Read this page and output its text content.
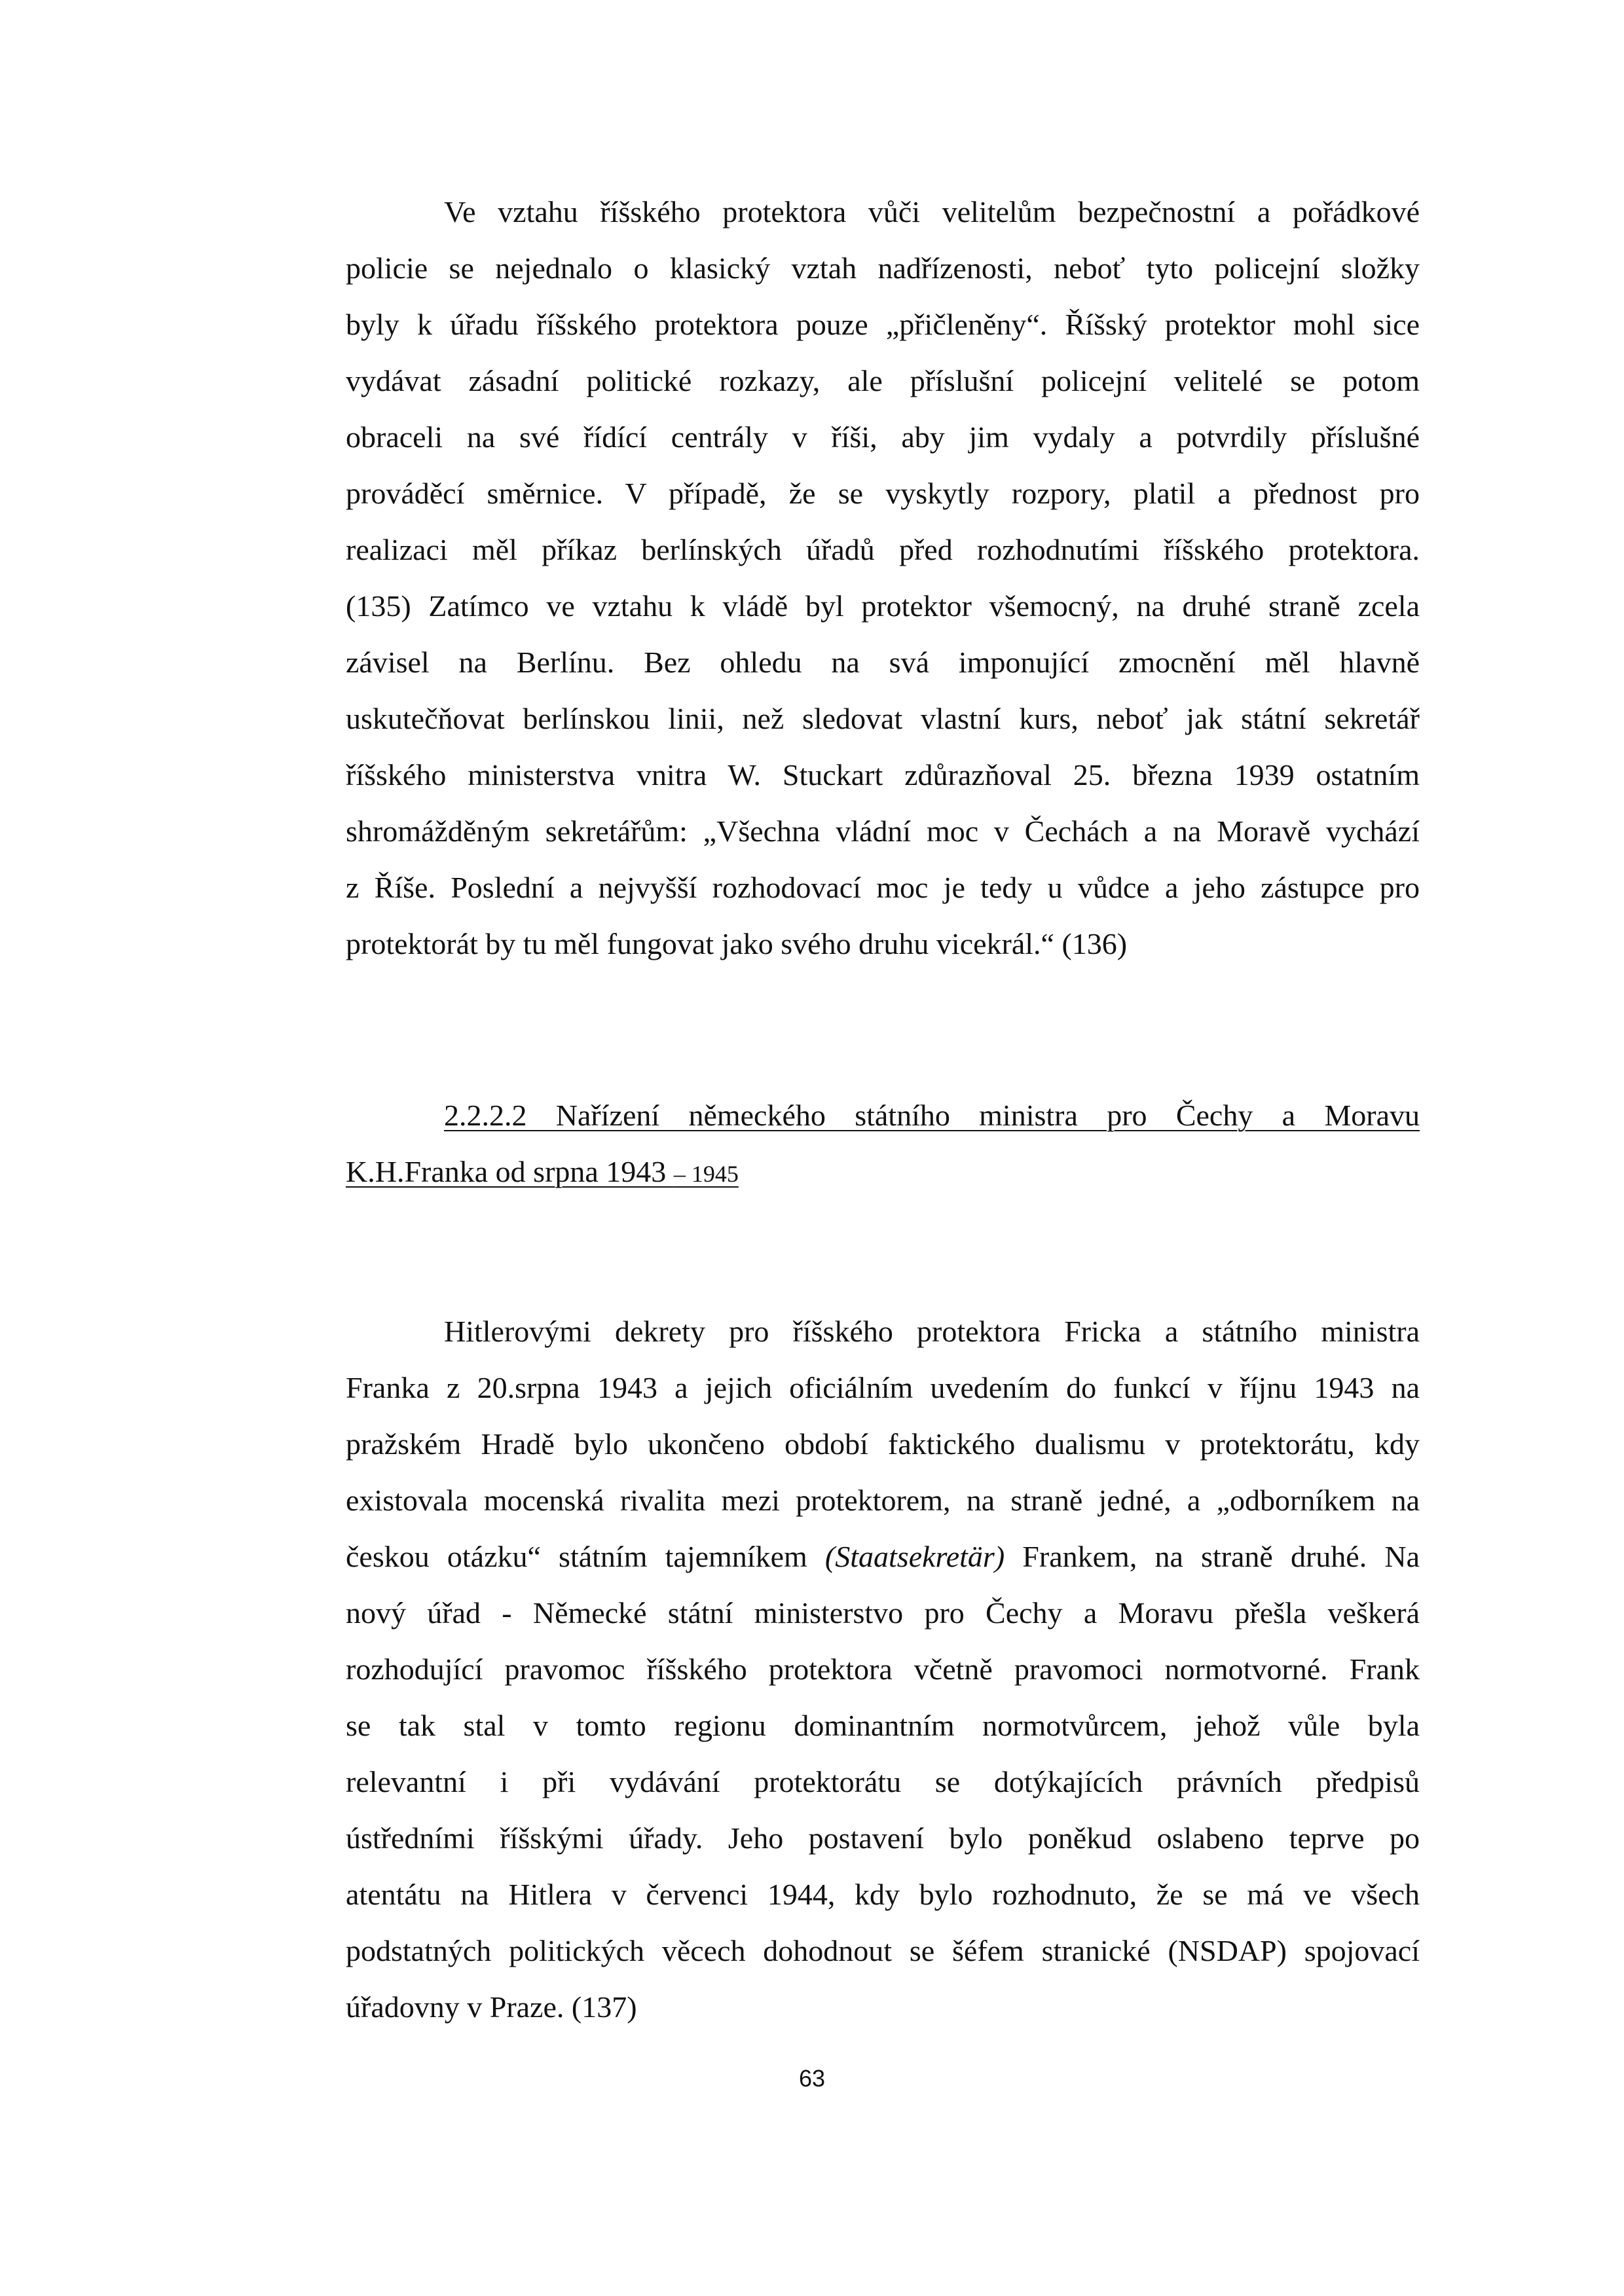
Ve vztahu říšského protektora vůči velitelům bezpečnostní a pořádkové
policie se nejednalo o klasický vztah nadřízenosti, neboť tyto policejní složky
byly k úřadu říšského protektora pouze „přičleněny“. Říšský protektor mohl sice
vydávat zásadní politické rozkazy, ale příslušní policejní velitelé se potom
obraceli na své řídící centrály v říši, aby jim vydaly a potvrdily příslušné
prováděcí směrnice. V případě, že se vyskytly rozpory, platil a přednost pro
realizaci měl příkaz berlínských úřadů před rozhodnutími říšského protektora.
(135) Zatímco ve vztahu k vládě byl protektor všemocný, na druhé straně zcela
závisel na Berlínu. Bez ohledu na svá imponující zmocnění měl hlavně
uskutečňovat berlínskou linii, než sledovat vlastní kurs, neboť jak státní sekretář
říšského ministerstva vnitra W. Stuckart zdůrazňoval 25. března 1939 ostatním
shromážděným sekretářům: „Všechna vládní moc v Čechách a na Moravě vychází
z Říše. Poslední a nejvyšší rozhodovací moc je tedy u vůdce a jeho zástupce pro
protektorát by tu měl fungovat jako svého druhu vicekrál.“ (136)
2.2.2.2 Nařízení německého státního ministra pro Čechy a Moravu
K.H.Franka od srpna 1943 – 1945
Hitlerovými dekrety pro říšského protektora Fricka a státního ministra
Franka z 20.srpna 1943 a jejich oficiálním uvedením do funkcí v říjnu 1943 na
pražském Hradě bylo ukončeno období faktického dualismu v protektorátu, kdy
existovala mocenská rivalita mezi protektorem, na straně jedné, a „odborníkem na
českou otázku“ státním tajemníkem (Staatsekretär) Frankem, na straně druhé. Na
nový úřad - Německé státní ministerstvo pro Čechy a Moravu přešla veškerá
rozhodující pravomoc říšského protektora včetně pravomoci normotvorné. Frank
se tak stal v tomto regionu dominantním normotvůrcem, jehož vůle byla
relevantní i při vydávání protektorátu se dotýkajících právních předpisů
ústředními říšskými úřady. Jeho postavení bylo poněkud oslabeno teprve po
atentátu na Hitlera v červenci 1944, kdy bylo rozhodnuto, že se má ve všech
podstatných politických věcech dohodnout se šéfem stranické (NSDAP) spojovací
úřadovny v Praze. (137)
63
